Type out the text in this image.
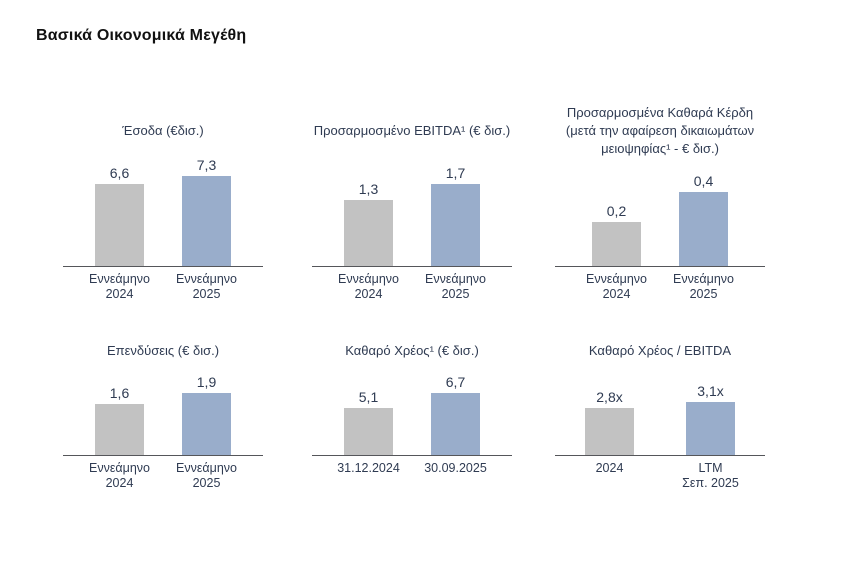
Βασικά Οικονομικά Μεγέθη
Έσοδα (€δισ.)
6,6	7,3
Εννεάμηνο
2024
Εννεάμηνο
2025
Προσαρμοσμένο EBITDA¹ (€ δισ.)
1,3
1,7
Εννεάμηνο
2024
Εννεάμηνο
2025
Προσαρμοσμένα Καθαρά Κέρδη
(μετά την αφαίρεση δικαιωμάτων
μειοψηφίας¹ - € δισ.)
0,2
0,4
Εννεάμηνο
2024
Εννεάμηνο
2025
Επενδύσεις (€ δισ.)
1,6
1,9
Εννεάμηνο
2024
Εννεάμηνο
2025
Καθαρό Χρέος¹ (€ δισ.)
5,1
6,7
31.12.2024	30.09.2025
Καθαρό Χρέος / EBITDA
2,8x	3,1x
2024	LTM
Σεπ. 2025
